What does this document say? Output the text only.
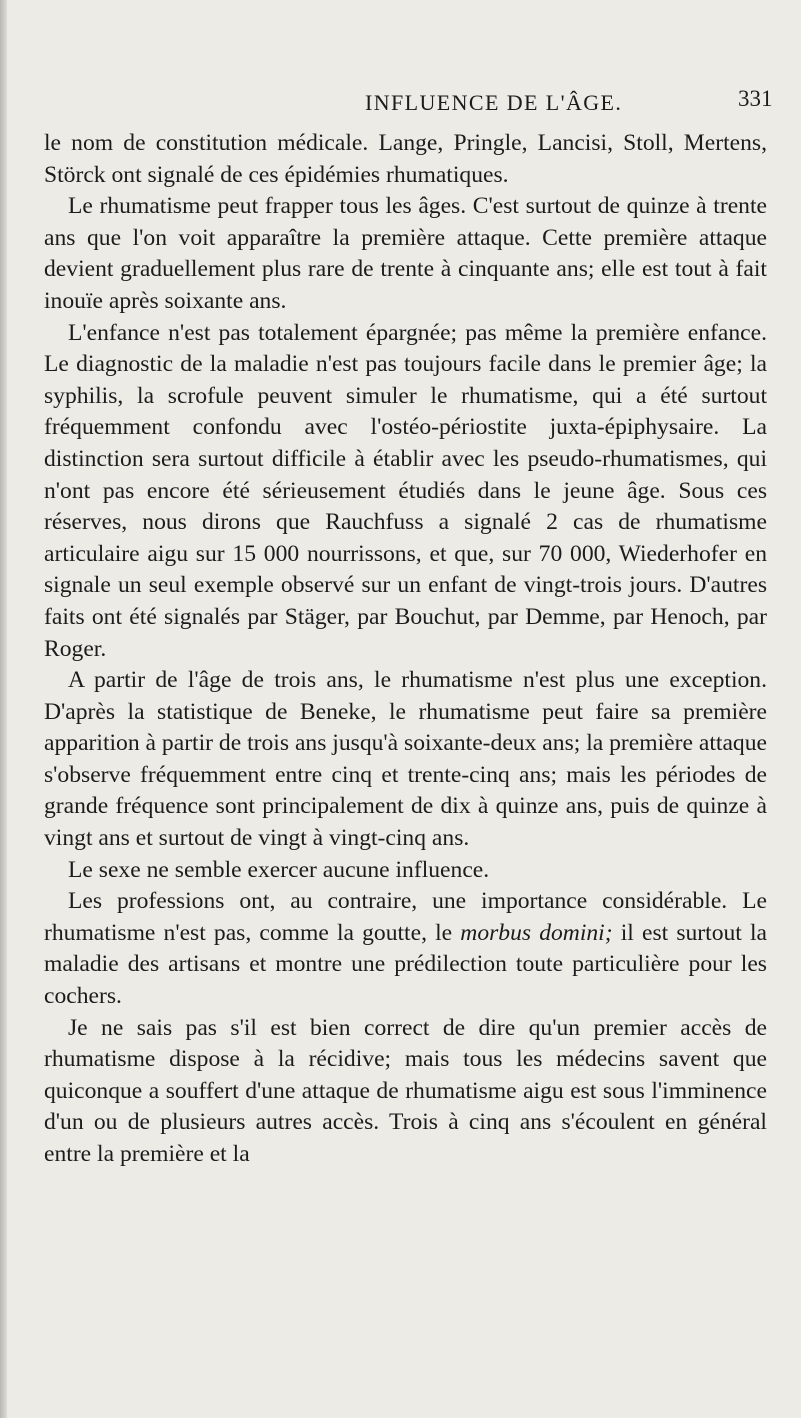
INFLUENCE DE L'ÂGE.	331

le nom de constitution médicale. Lange, Pringle, Lancisi, Stoll, Mertens, Störck ont signalé de ces épidémies rhumatiques.

Le rhumatisme peut frapper tous les âges. C'est surtout de quinze à trente ans que l'on voit apparaître la première attaque. Cette première attaque devient graduellement plus rare de trente à cinquante ans; elle est tout à fait inouïe après soixante ans.

L'enfance n'est pas totalement épargnée; pas même la première enfance. Le diagnostic de la maladie n'est pas toujours facile dans le premier âge; la syphilis, la scrofule peuvent simuler le rhumatisme, qui a été surtout fréquemment confondu avec l'ostéo-périostite juxta-épiphysaire. La distinction sera surtout difficile à établir avec les pseudo-rhumatismes, qui n'ont pas encore été sérieusement étudiés dans le jeune âge. Sous ces réserves, nous dirons que Rauchfuss a signalé 2 cas de rhumatisme articulaire aigu sur 15 000 nourrissons, et que, sur 70 000, Wiederhofer en signale un seul exemple observé sur un enfant de vingt-trois jours. D'autres faits ont été signalés par Stäger, par Bouchut, par Demme, par Henoch, par Roger.

A partir de l'âge de trois ans, le rhumatisme n'est plus une exception. D'après la statistique de Beneke, le rhumatisme peut faire sa première apparition à partir de trois ans jusqu'à soixante-deux ans; la première attaque s'observe fréquemment entre cinq et trente-cinq ans; mais les périodes de grande fréquence sont principalement de dix à quinze ans, puis de quinze à vingt ans et surtout de vingt à vingt-cinq ans.

Le sexe ne semble exercer aucune influence.

Les professions ont, au contraire, une importance considérable. Le rhumatisme n'est pas, comme la goutte, le morbus domini; il est surtout la maladie des artisans et montre une prédilection toute particulière pour les cochers.

Je ne sais pas s'il est bien correct de dire qu'un premier accès de rhumatisme dispose à la récidive; mais tous les médecins savent que quiconque a souffert d'une attaque de rhumatisme aigu est sous l'imminence d'un ou de plusieurs autres accès. Trois à cinq ans s'écoulent en général entre la première et la
